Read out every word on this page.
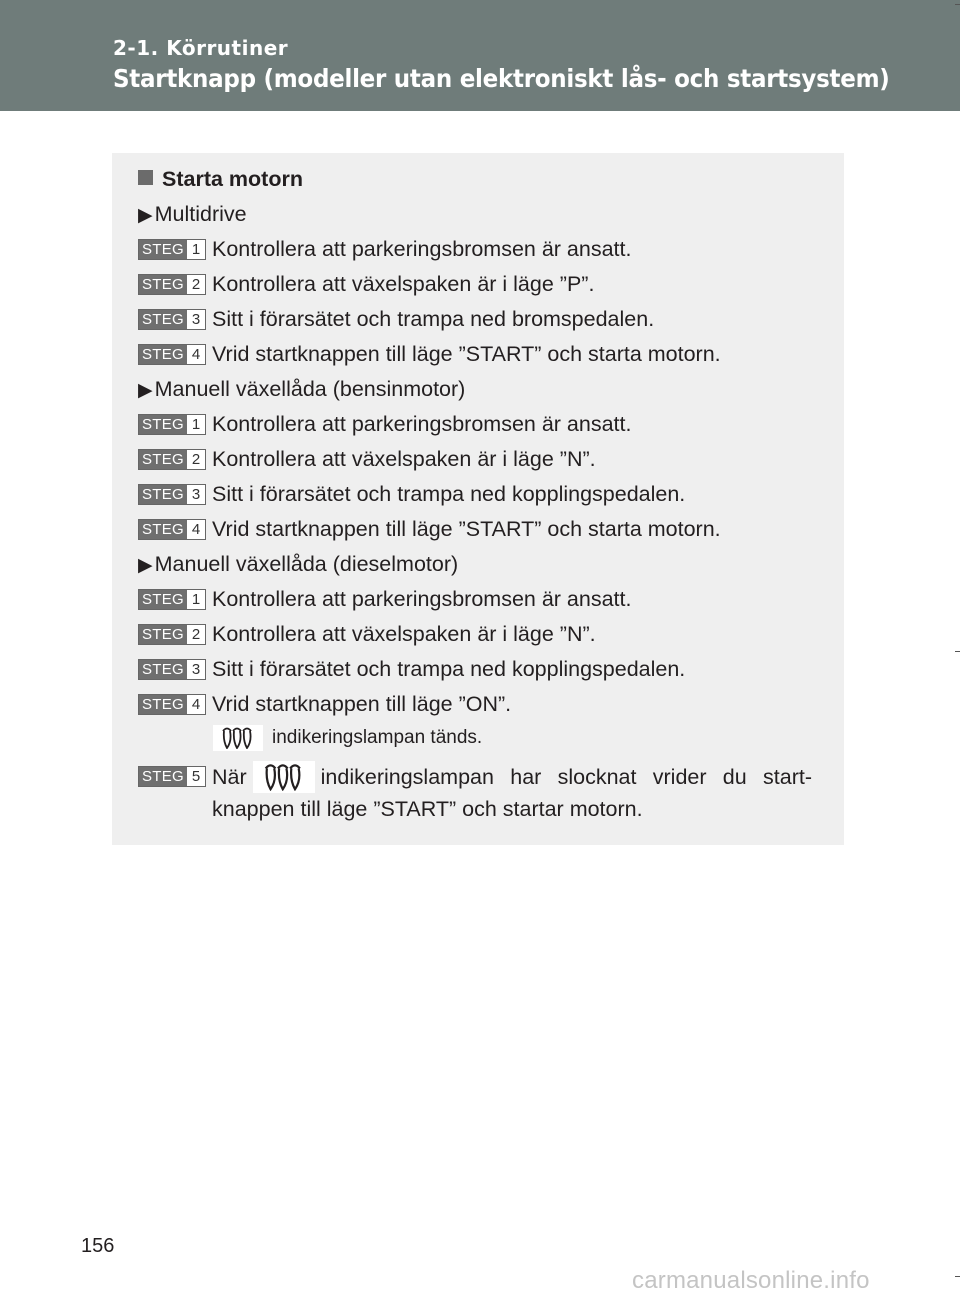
2-1. Körrutiner
Startknapp (modeller utan elektroniskt lås- och startsystem)
Starta motorn
▶Multidrive
STEG 1 Kontrollera att parkeringsbromsen är ansatt.
STEG 2 Kontrollera att växelspaken är i läge ”P”.
STEG 3 Sitt i förarsätet och trampa ned bromspedalen.
STEG 4 Vrid startknappen till läge ”START” och starta motorn.
▶Manuell växellåda (bensinmotor)
STEG 1 Kontrollera att parkeringsbromsen är ansatt.
STEG 2 Kontrollera att växelspaken är i läge ”N”.
STEG 3 Sitt i förarsätet och trampa ned kopplingspedalen.
STEG 4 Vrid startknappen till läge ”START” och starta motorn.
▶Manuell växellåda (dieselmotor)
STEG 1 Kontrollera att parkeringsbromsen är ansatt.
STEG 2 Kontrollera att växelspaken är i läge ”N”.
STEG 3 Sitt i förarsätet och trampa ned kopplingspedalen.
STEG 4 Vrid startknappen till läge ”ON”.
indikeringslampan tänds.
STEG 5 När	indikeringslampan har slocknat vrider du start-
knappen till läge ”START” och startar motorn.
156
carmanualsonline.info
